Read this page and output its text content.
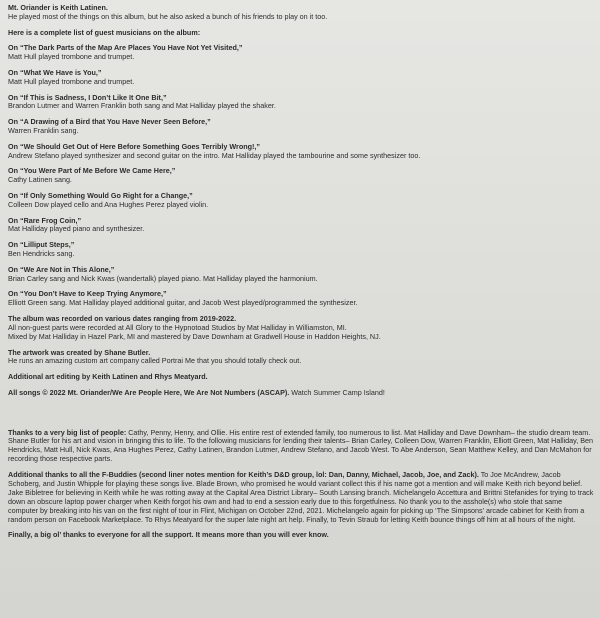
Mt. Oriander is Keith Latinen.
He played most of the things on this album, but he also asked a bunch of his friends to play on it too.
Here is a complete list of guest musicians on the album:
On “The Dark Parts of the Map Are Places You Have Not Yet Visited,”
Matt Hull played trombone and trumpet.
On “What We Have is You,”
Matt Hull played trombone and trumpet.
On “If This is Sadness, I Don’t Like It One Bit,”
Brandon Lutmer and Warren Franklin both sang and Mat Halliday played the shaker.
On “A Drawing of a Bird that You Have Never Seen Before,”
Warren Franklin sang.
On “We Should Get Out of Here Before Something Goes Terribly Wrong!,”
Andrew Stefano played synthesizer and second guitar on the intro. Mat Halliday played the tambourine and some synthesizer too.
On “You Were Part of Me Before We Came Here,”
Cathy Latinen sang.
On “If Only Something Would Go Right for a Change,”
Colleen Dow played cello and Ana Hughes Perez played violin.
On “Rare Frog Coin,”
Mat Halliday played piano and synthesizer.
On “Lilliput Steps,”
Ben Hendricks sang.
On “We Are Not in This Alone,”
Brian Carley sang and Nick Kwas (wandertalk) played piano. Mat Halliday played the harmonium.
On “You Don’t Have to Keep Trying Anymore,”
Elliott Green sang. Mat Halliday played additional guitar, and Jacob West played/programmed the synthesizer.
The album was recorded on various dates ranging from 2019-2022.
All non-guest parts were recorded at All Glory to the Hypnotoad Studios by Mat Halliday in Williamston, MI.
Mixed by Mat Halliday in Hazel Park, MI and mastered by Dave Downham at Gradwell House in Haddon Heights, NJ.
The artwork was created by Shane Butler.
He runs an amazing custom art company called Portrai Me that you should totally check out.
Additional art editing by Keith Latinen and Rhys Meatyard.
All songs © 2022 Mt. Oriander/We Are People Here, We Are Not Numbers (ASCAP). Watch Summer Camp Island!
Thanks to a very big list of people: Cathy, Penny, Henry, and Ollie. His entire rest of extended family, too numerous to list. Mat Halliday and Dave Downham– the studio dream team. Shane Butler for his art and vision in bringing this to life. To the following musicians for lending their talents– Brian Carley, Colleen Dow, Warren Franklin, Elliott Green, Mat Halliday, Ben Hendricks, Matt Hull, Nick Kwas, Ana Hughes Perez, Cathy Latinen, Brandon Lutmer, Andrew Stefano, and Jacob West. To Abe Anderson, Sean Matthew Kelley, and Dan McMahon for recording those respective parts.
Additional thanks to all the F-Buddies (second liner notes mention for Keith’s D&D group, lol: Dan, Danny, Michael, Jacob, Joe, and Zack). To Joe McAndrew, Jacob Schoberg, and Justin Whipple for playing these songs live. Blade Brown, who promised he would variant collect this if his name got a mention and will make Keith rich beyond belief. Jake Bibletree for believing in Keith while he was rotting away at the Capital Area District Library– South Lansing branch. Michelangelo Accettura and Brittni Stefanides for trying to track down an obscure laptop power charger when Keith forgot his own and had to end a session early due to this forgetfulness. No thank you to the asshole(s) who stole that same computer by breaking into his van on the first night of tour in Flint, Michigan on October 22nd, 2021. Michelangelo again for picking up ‘The Simpsons’ arcade cabinet for Keith from a random person on Facebook Marketplace. To Rhys Meatyard for the super late night art help. Finally, to Tevin Straub for letting Keith bounce things off him at all hours of the night.
Finally, a big ol’ thanks to everyone for all the support. It means more than you will ever know.
